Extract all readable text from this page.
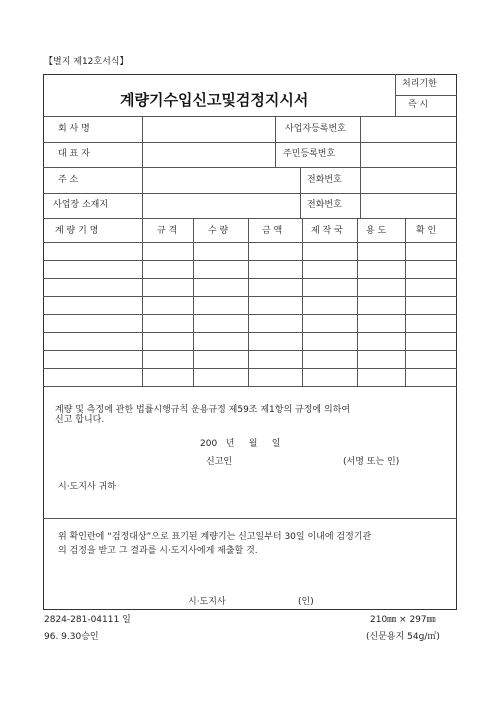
【별지 제12호서식】
계량기수입신고및검정지시서
처리기한
즉 시
회 사 명	사업자등록번호
대 표 자	주민등록번호
주 소	전화번호
사업장 소재지	전화번호
계 량 기 명	규 격	수 량	금 액	제 작 국	용 도	확 인
계량 및 측정에 관한 법률시행규칙 운용규정 제59조 제1항의 규정에 의하여
신고 합니다.
200   년     월     일
신고인	(서명 또는 인)
시·도지사 귀하
위 확인란에 “검정대상”으로 표기된 계량기는 신고일부터 30일 이내에 검정기관
의 검정을 받고 그 결과를 시·도지사에게 제출할 것.
시·도지사	(인)
2824-281-04111 일
96. 9.30승인
210㎜ × 297㎜
(신문용지 54g/㎡)
